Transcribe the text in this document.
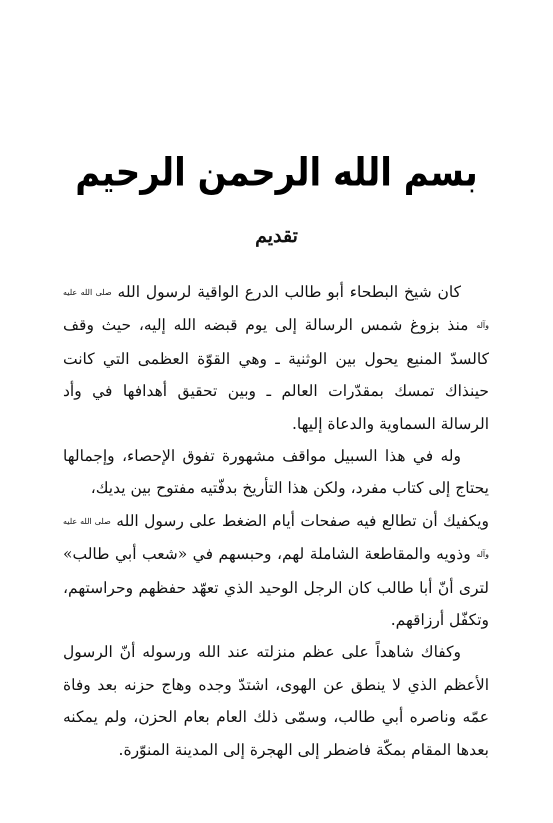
بسم الله الرحمن الرحيم
تقديم

كان شيخ البطحاء أبو طالب الدرع الواقية لرسول الله صلى الله عليه وآله منذ بزوغ شمس الرسالة إلى يوم قبضه الله إليه، حيث وقف كالسدّ المنيع يحول بين الوثنية ـ وهي القوّة العظمى التي كانت حينذاك تمسك بمقدّرات العالم ـ وبين تحقيق أهدافها في وأد الرسالة السماوية والدعاة إليها.

وله في هذا السبيل مواقف مشهورة تفوق الإحصاء، وإجمالها يحتاج إلى كتاب مفرد، ولكن هذا التأريخ بدفّتيه مفتوح بين يديك،

ويكفيك أن تطالع فيه صفحات أيام الضغط على رسول الله صلى الله عليه وآله وذويه والمقاطعة الشاملة لهم، وحبسهم في «شعب أبي طالب» لترى أنّ أبا طالب كان الرجل الوحيد الذي تعهّد حفظهم وحراستهم، وتكفّل أرزاقهم.

وكفاك شاهداً على عظم منزلته عند الله ورسوله أنّ الرسول الأعظم الذي لا ينطق عن الهوى، اشتدّ وجده وهاج حزنه بعد وفاة عمّه وناصره أبي طالب، وسمّى ذلك العام بعام الحزن، ولم يمكنه بعدها المقام بمكّة فاضطر إلى الهجرة إلى المدينة المنوّرة.
